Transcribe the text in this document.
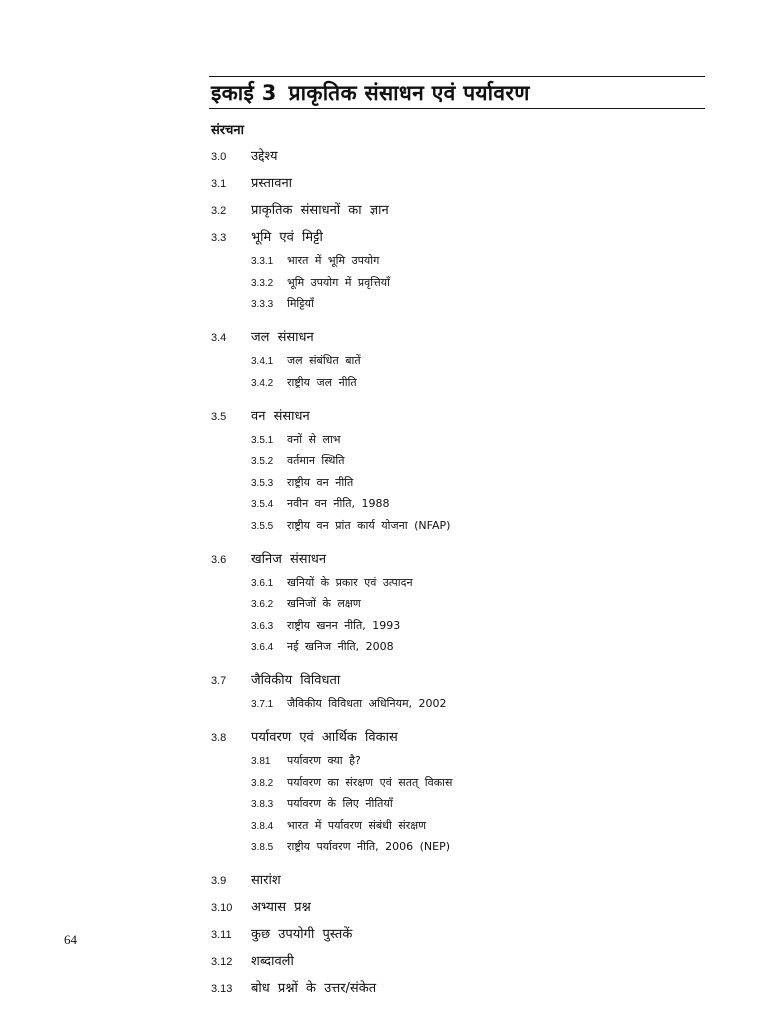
इकाई 3 प्राकृतिक संसाधन एवं पर्यावरण
संरचना
3.0 उद्देश्य
3.1 प्रस्तावना
3.2 प्राकृतिक संसाधनों का ज्ञान
3.3 भूमि एवं मिट्टी
3.3.1 भारत में भूमि उपयोग
3.3.2 भूमि उपयोग में प्रवृत्तियाँ
3.3.3 मिट्टियाँ
3.4 जल संसाधन
3.4.1 जल संबंधित बातें
3.4.2 राष्ट्रीय जल नीति
3.5 वन संसाधन
3.5.1 वनों से लाभ
3.5.2 वर्तमान स्थिति
3.5.3 राष्ट्रीय वन नीति
3.5.4 नवीन वन नीति, 1988
3.5.5 राष्ट्रीय वन प्रांत कार्य योजना (NFAP)
3.6 खनिज संसाधन
3.6.1 खनियों के प्रकार एवं उत्पादन
3.6.2 खनिजों के लक्षण
3.6.3 राष्ट्रीय खनन नीति, 1993
3.6.4 नई खनिज नीति, 2008
3.7 जैविकीय विविधता
3.7.1 जैविकीय विविधता अधिनियम, 2002
3.8 पर्यावरण एवं आर्थिक विकास
3.81 पर्यावरण क्या है?
3.8.2 पर्यावरण का संरक्षण एवं सतत् विकास
3.8.3 पर्यावरण के लिए नीतियाँ
3.8.4 भारत में पर्यावरण संबंधी संरक्षण
3.8.5 राष्ट्रीय पर्यावरण नीति, 2006 (NEP)
3.9 सारांश
3.10 अभ्यास प्रश्न
3.11 कुछ उपयोगी पुस्तकें
3.12 शब्दावली
3.13 बोध प्रश्नों के उत्तर/संकेत
64
